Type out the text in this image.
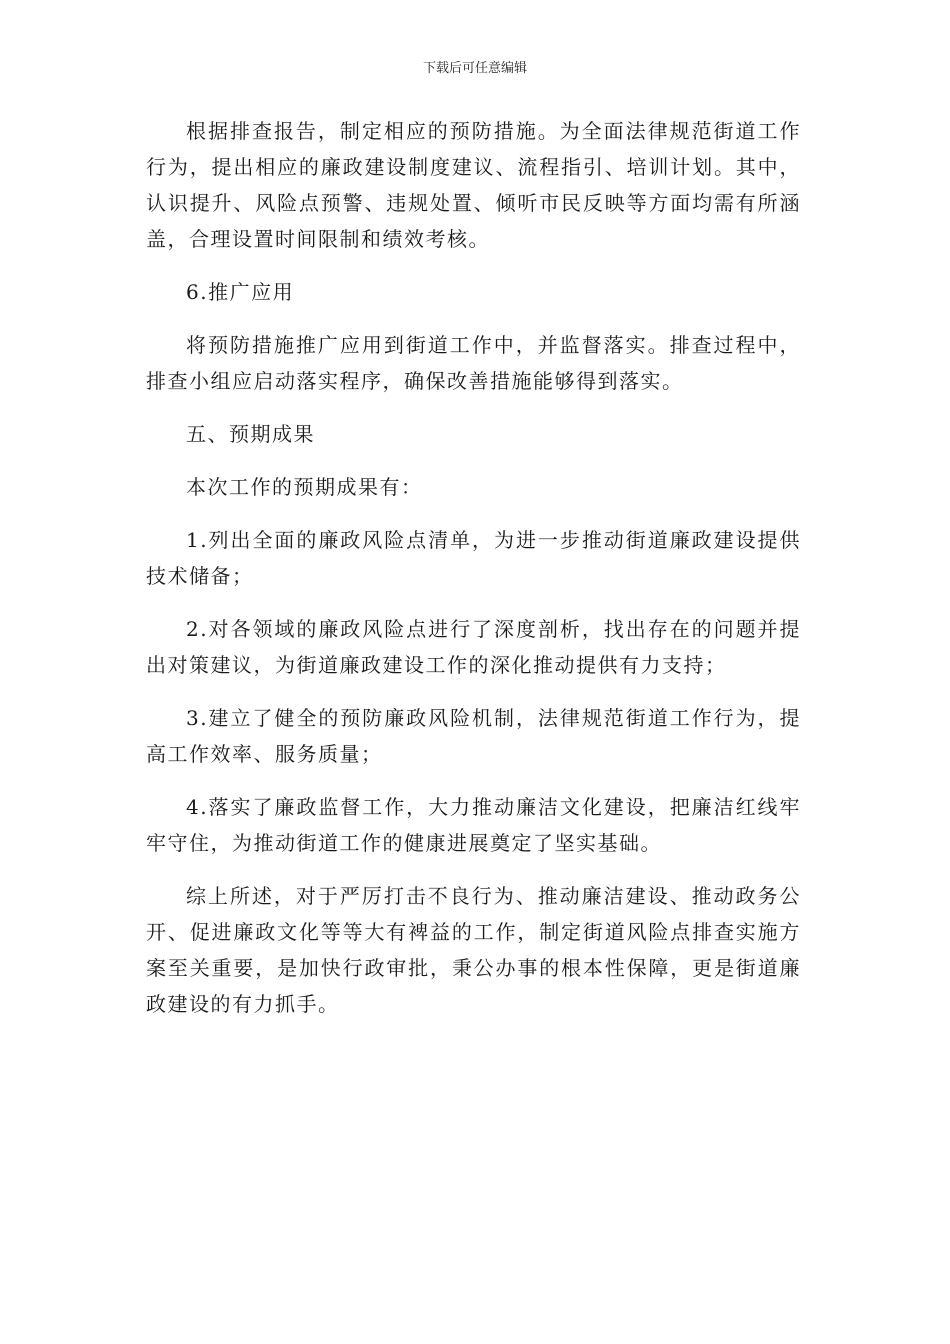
下载后可任意编辑

根据排查报告，制定相应的预防措施。为全面法律规范街道工作行为，提出相应的廉政建设制度建议、流程指引、培训计划。其中，认识提升、风险点预警、违规处置、倾听市民反映等方面均需有所涵盖，合理设置时间限制和绩效考核。

6.推广应用

将预防措施推广应用到街道工作中，并监督落实。排查过程中，排查小组应启动落实程序，确保改善措施能够得到落实。

五、预期成果

本次工作的预期成果有：

1.列出全面的廉政风险点清单，为进一步推动街道廉政建设提供技术储备；

2.对各领域的廉政风险点进行了深度剖析，找出存在的问题并提出对策建议，为街道廉政建设工作的深化推动提供有力支持；

3.建立了健全的预防廉政风险机制，法律规范街道工作行为，提高工作效率、服务质量；

4.落实了廉政监督工作，大力推动廉洁文化建设，把廉洁红线牢牢守住，为推动街道工作的健康进展奠定了坚实基础。

综上所述，对于严厉打击不良行为、推动廉洁建设、推动政务公开、促进廉政文化等等大有裨益的工作，制定街道风险点排查实施方案至关重要，是加快行政审批，秉公办事的根本性保障，更是街道廉政建设的有力抓手。
